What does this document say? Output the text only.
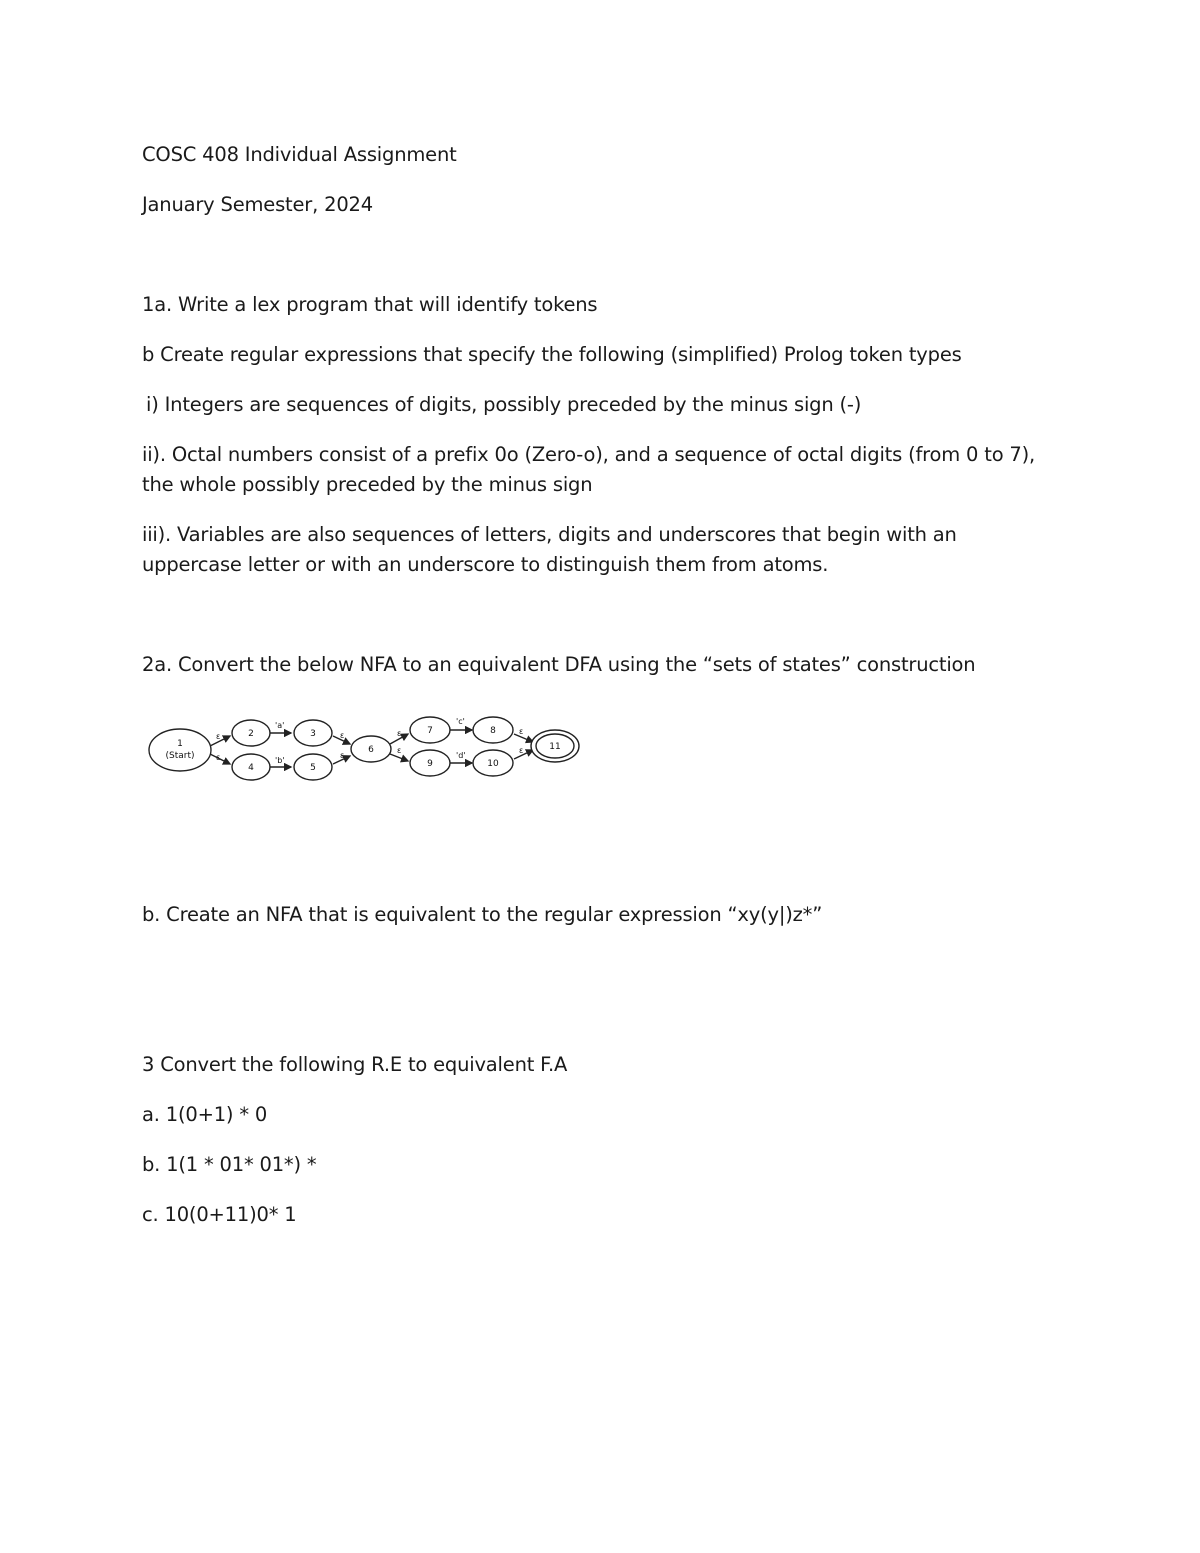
COSC 408 Individual Assignment

January Semester, 2024

1a. Write a lex program that will identify tokens

b Create regular expressions that specify the following (simplified) Prolog token types

i) Integers are sequences of digits, possibly preceded by the minus sign (-)

ii). Octal numbers consist of a prefix 0o (Zero-o), and a sequence of octal digits (from 0 to 7),

the whole possibly preceded by the minus sign

iii). Variables are also sequences of letters, digits and underscores that begin with an

uppercase letter or with an underscore to distinguish them from atoms.

2a. Convert the below NFA to an equivalent DFA using the “sets of states” construction

ε
ε
'a'
'b'
ε
ε
ε
ε
'c'
'd'
ε
ε
1
(Start)
2	3
4	5
6
7	8
9	10
11

b. Create an NFA that is equivalent to the regular expression “xy(y|)z*”

3 Convert the following R.E to equivalent F.A

a. 1(0+1) * 0

b. 1(1 * 01* 01*) *

c. 10(0+11)0* 1
